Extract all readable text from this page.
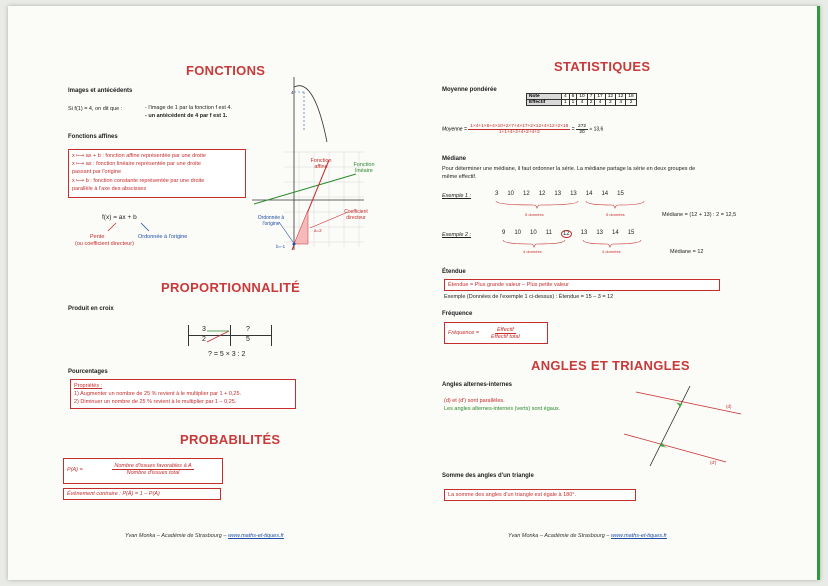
FONCTIONS
Images et antécédents
Si f(1) = 4, on dit que :	- l'image de 1 par la fonction f est 4.
- un antécédent de 4 par f est 1.
Fonctions affines
x ⟼ ax + b : fonction affine représentée par une droite
x ⟼ ax : fonction linéaire représentée par une droite
passant par l'origine
x ⟼ b : fonction constante représentée par une droite
parallèle à l'axe des abscisses
f(x) = ax + b
Pente
(ou coefficient directeur)
Ordonnée à l'origine
4
Fonction affine	Fonction linéaire
Ordonnée à l'origine
Coefficient directeur
b=-1
a=2
PROPORTIONNALITÉ
Produit en croix
3	?
2	5
? = 5 × 3 : 2
Pourcentages
Propriétés :
1) Augmenter un nombre de 25 % revient à le multiplier par 1 + 0,25.
2) Diminuer un nombre de 25 % revient à le multiplier par 1 – 0,25.
PROBABILITÉS
P(A) =	$\frac{\text{Nombre d'issues favorables à A}}{\text{Nombre d'issues total}}$
Événement contraire : P(Ā) = 1 – P(A)
Yvan Monka – Académie de Strasbourg – www.maths-et-tiques.fr
STATISTIQUES
Moyenne pondérée
Note	4	6	10	7	17	12	12	18
Effectif	1	1	4	2	4	2	4	2
Moyenne = $\frac{1\times 4+1\times 6+4\times 10+2\times 7+4\times 17+2\times 12+4\times 12+2\times 18}{1+1+4+2+4+2+4+2} = \frac{272}{20} \approx 13,6$
Médiane
Pour déterminer une médiane, il faut ordonner la série. La médiane partage la série en deux groupes de
même effectif.
Exemple 1 :	3 10 12 12 13 13 14 14 15
5 données	5 données	Médiane = (12 + 13) : 2 = 12,5
Exemple 2 :	9 10 10 11	12	13 13 14 15
4 données	4 données	Médiane = 12
Étendue
Étendue = Plus grande valeur – Plus petite valeur
Exemple (Données de l'exemple 1 ci-dessus) : Étendue = 15 – 3 = 12
Fréquence
Fréquence = $\frac{\text{Effectif}}{\text{Effectif total}}$
ANGLES ET TRIANGLES
Angles alternes-internes
(d) et (d') sont parallèles.
Les angles alternes-internes (verts) sont égaux.	(d)
(d')
Somme des angles d'un triangle
La somme des angles d'un triangle est égale à 180°.
Yvan Monka – Académie de Strasbourg – www.maths-et-tiques.fr
